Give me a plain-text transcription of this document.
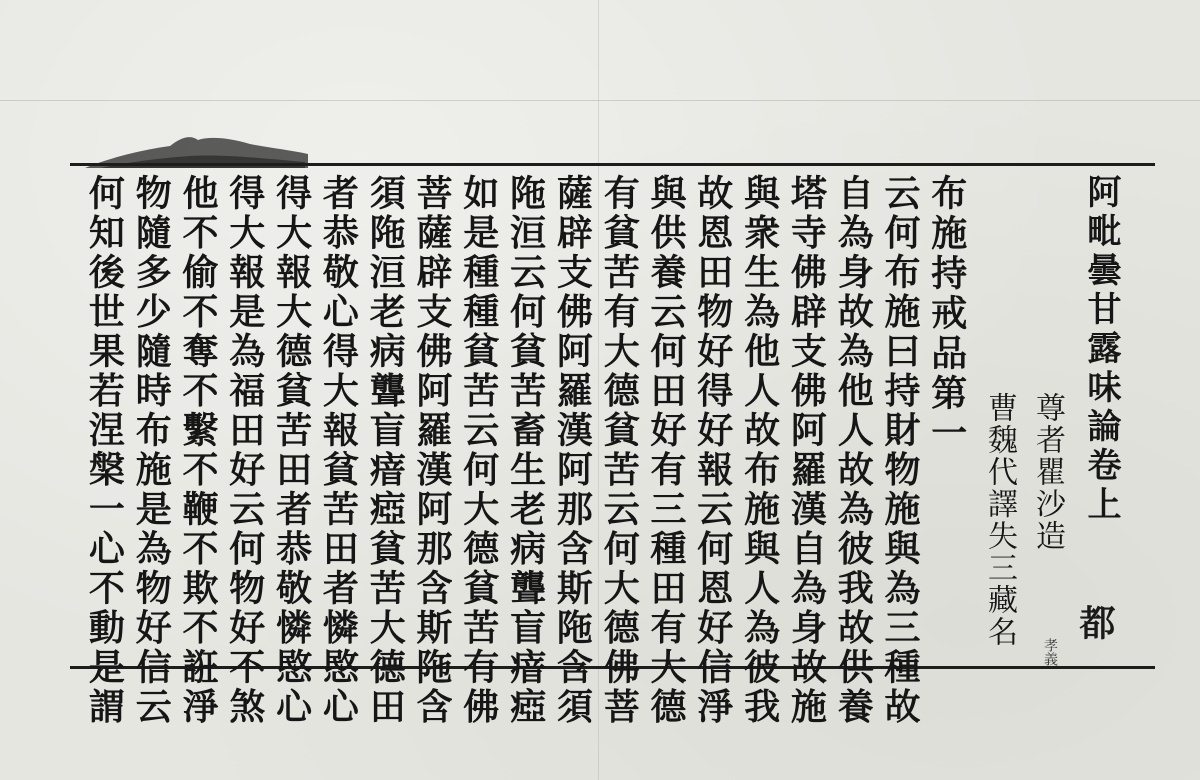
阿毗曇甘露味論卷上
尊者瞿沙造
曹魏代譯失三藏名 都
孝義
布施持戒品第一
云何布施曰持財物施與為三種故
自為身故為他人故為彼我故供養
塔寺佛辟支佛阿羅漢自為身故施
與衆生為他人故布施與人為彼我
故恩田物好得好報云何恩好信淨
與供養云何田好有三種田有大德
有貧苦有大德貧苦云何大德佛菩
薩辟支佛阿羅漢阿那含斯陁含須
陁洹云何貧苦畜生老病聾盲瘖瘂
如是種種貧苦云何大德貧苦有佛
菩薩辟支佛阿羅漢阿那含斯陁含
須陁洹老病聾盲瘖瘂貧苦大德田
者恭敬心得大報貧苦田者憐愍心
得大報大德貧苦田者恭敬憐愍心
得大報是為福田好云何物好不煞
他不偷不奪不繫不鞭不欺不誑淨
物隨多少隨時布施是為物好信云
何知後世果若涅槃一心不動是謂
